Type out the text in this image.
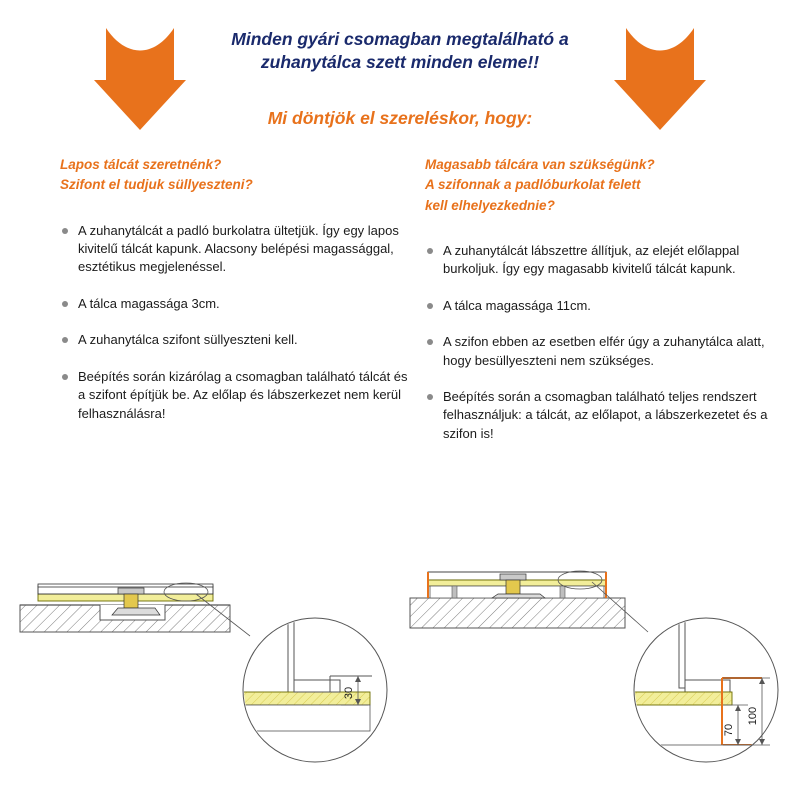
Minden gyári csomagban megtalálható a
zuhanytálca szett minden eleme!!
Mi döntjök el szereléskor, hogy:
Lapos tálcát szeretnénk?
Szifont el tudjuk süllyeszteni?
A zuhanytálcát a padló burkolatra ültetjük. Így egy lapos kivitelű tálcát kapunk. Alacsony belépési magassággal, esztétikus megjelenéssel.
A tálca magassága 3cm.
A zuhanytálca szifont süllyeszteni kell.
Beépítés során kizárólag a csomagban található tálcát és a szifont építjük be. Az előlap és lábszerkezet nem kerül felhasználásra!
Magasabb tálcára van szükségünk?
A szifonnak a padlóburkolat felett
kell elhelyezkednie?
A zuhanytálcát lábszettre állítjuk, az elejét előlappal burkoljuk. Így egy magasabb kivitelű tálcát kapunk.
A tálca magassága 11cm.
A szifon ebben az esetben elfér úgy a zuhanytálca alatt, hogy besüllyeszteni nem szükséges.
Beépítés során a csomagban található teljes rendszert felhasználjuk: a tálcát, az előlapot, a lábszerkezetet és a szifon is!
30
70
100
